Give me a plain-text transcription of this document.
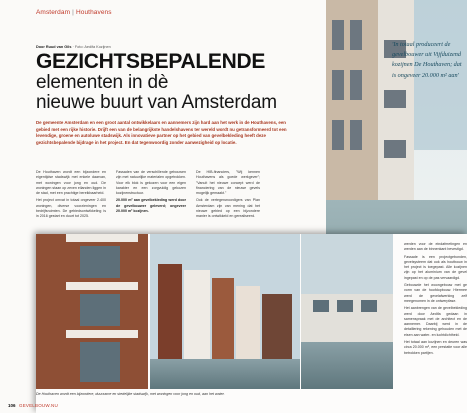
Amsterdam | Houthavens
Door Ruud van Gils · Foto: Aedifa Kozijnen
GEZICHTSBEPALENDE
elementen in dè
nieuwe buurt van Amsterdam
De gemeente Amsterdam en een groot aantal ontwikkelaars en aannemers zijn hard aan het werk in de Houthavens, een gebied met een rijke historie. Drijft een van de belangrijkste handelshavens ter wereld wordt nu getransformeerd tot een levendige, groene en autoluwe stadswijk. Als innovatieve partner op het gebied van gevelbekleding heeft deze gezichtsbepalende bijdrage in het project. En dat tegenwoordig zonder aanwezigheid op locatie.

De Houthaven wordt een bijzondere en eigentijdse stadswijk met enkele daarvan, met woningen voor jong en oud. De woningen staan op zeven eilanden liggen in de stad, met een prachtige bereikbaarheid.

Het project omvat in totaal ongeveer 2.400 woningen, diverse voorzieningen en bedrijfsruimten. De gebiedsontwikkeling is in 2016 gestart en duurt tot 2025.

Fassaden van de verschillende gebouwen zijn met natuurlijke materialen opgetrokken. Voor elk blok is gekozen voor een eigen karakter en een zorgvuldig gekozen kozijnenstructuur.

20.000 m² aan gevelbekleding werd door de gevelbouwer geleverd; ongeveer 20.000 m² kozijnen.

De HIB-financiers, "Wij kennen Houthavens als goede werkgever"; "Vanuit het nieuwe concept werd de financiering van de nieuwe gevels mogelijk gemaakt."

Ook de vertegenwoordigers van Plan Amsterdam zijn van mening dat het nieuwe gebied op een bijzondere manier is ontwikkeld en gerealiseerd.

'In totaal produceert de gevelbouwer uit Vijfduizend kozijnen De Houthaven; dat is ongeveer 20.000 m² aan'
De Houthaven wordt een bijzondere, duurzame en stedelijke stadswijk, met woningen voor jong en oud, aan het water.

werden voor de eindafmetingen en werden aan de binnenkant bevestigd.

Fassade is een projectgebonden, gevelsysteem dat ook als houtbouw in het project is toegepast. Alle kozijnen zijn op het aluminium van de gevel ingepast en op de pas vervaardigd.

Gebouwde het woongebouw met ge vorm van de hoofdopbouw. Hiermee werd de gevelafwerking zelf meegenomen in de ontwerpfase.

Het aanbrengen van de gevelbekleding werd door Aedifa gedaan in samenspraak met de architect en de aannemer. Daarbij werd in de detaillering rekening gehouden met de eisen aan water- en luchtdichtheid.

Het totaal aan kozijnen en deuren was circa 20.000 m², een prestatie voor alle betrokken partijen.

106 GEVELBOUW.NU
